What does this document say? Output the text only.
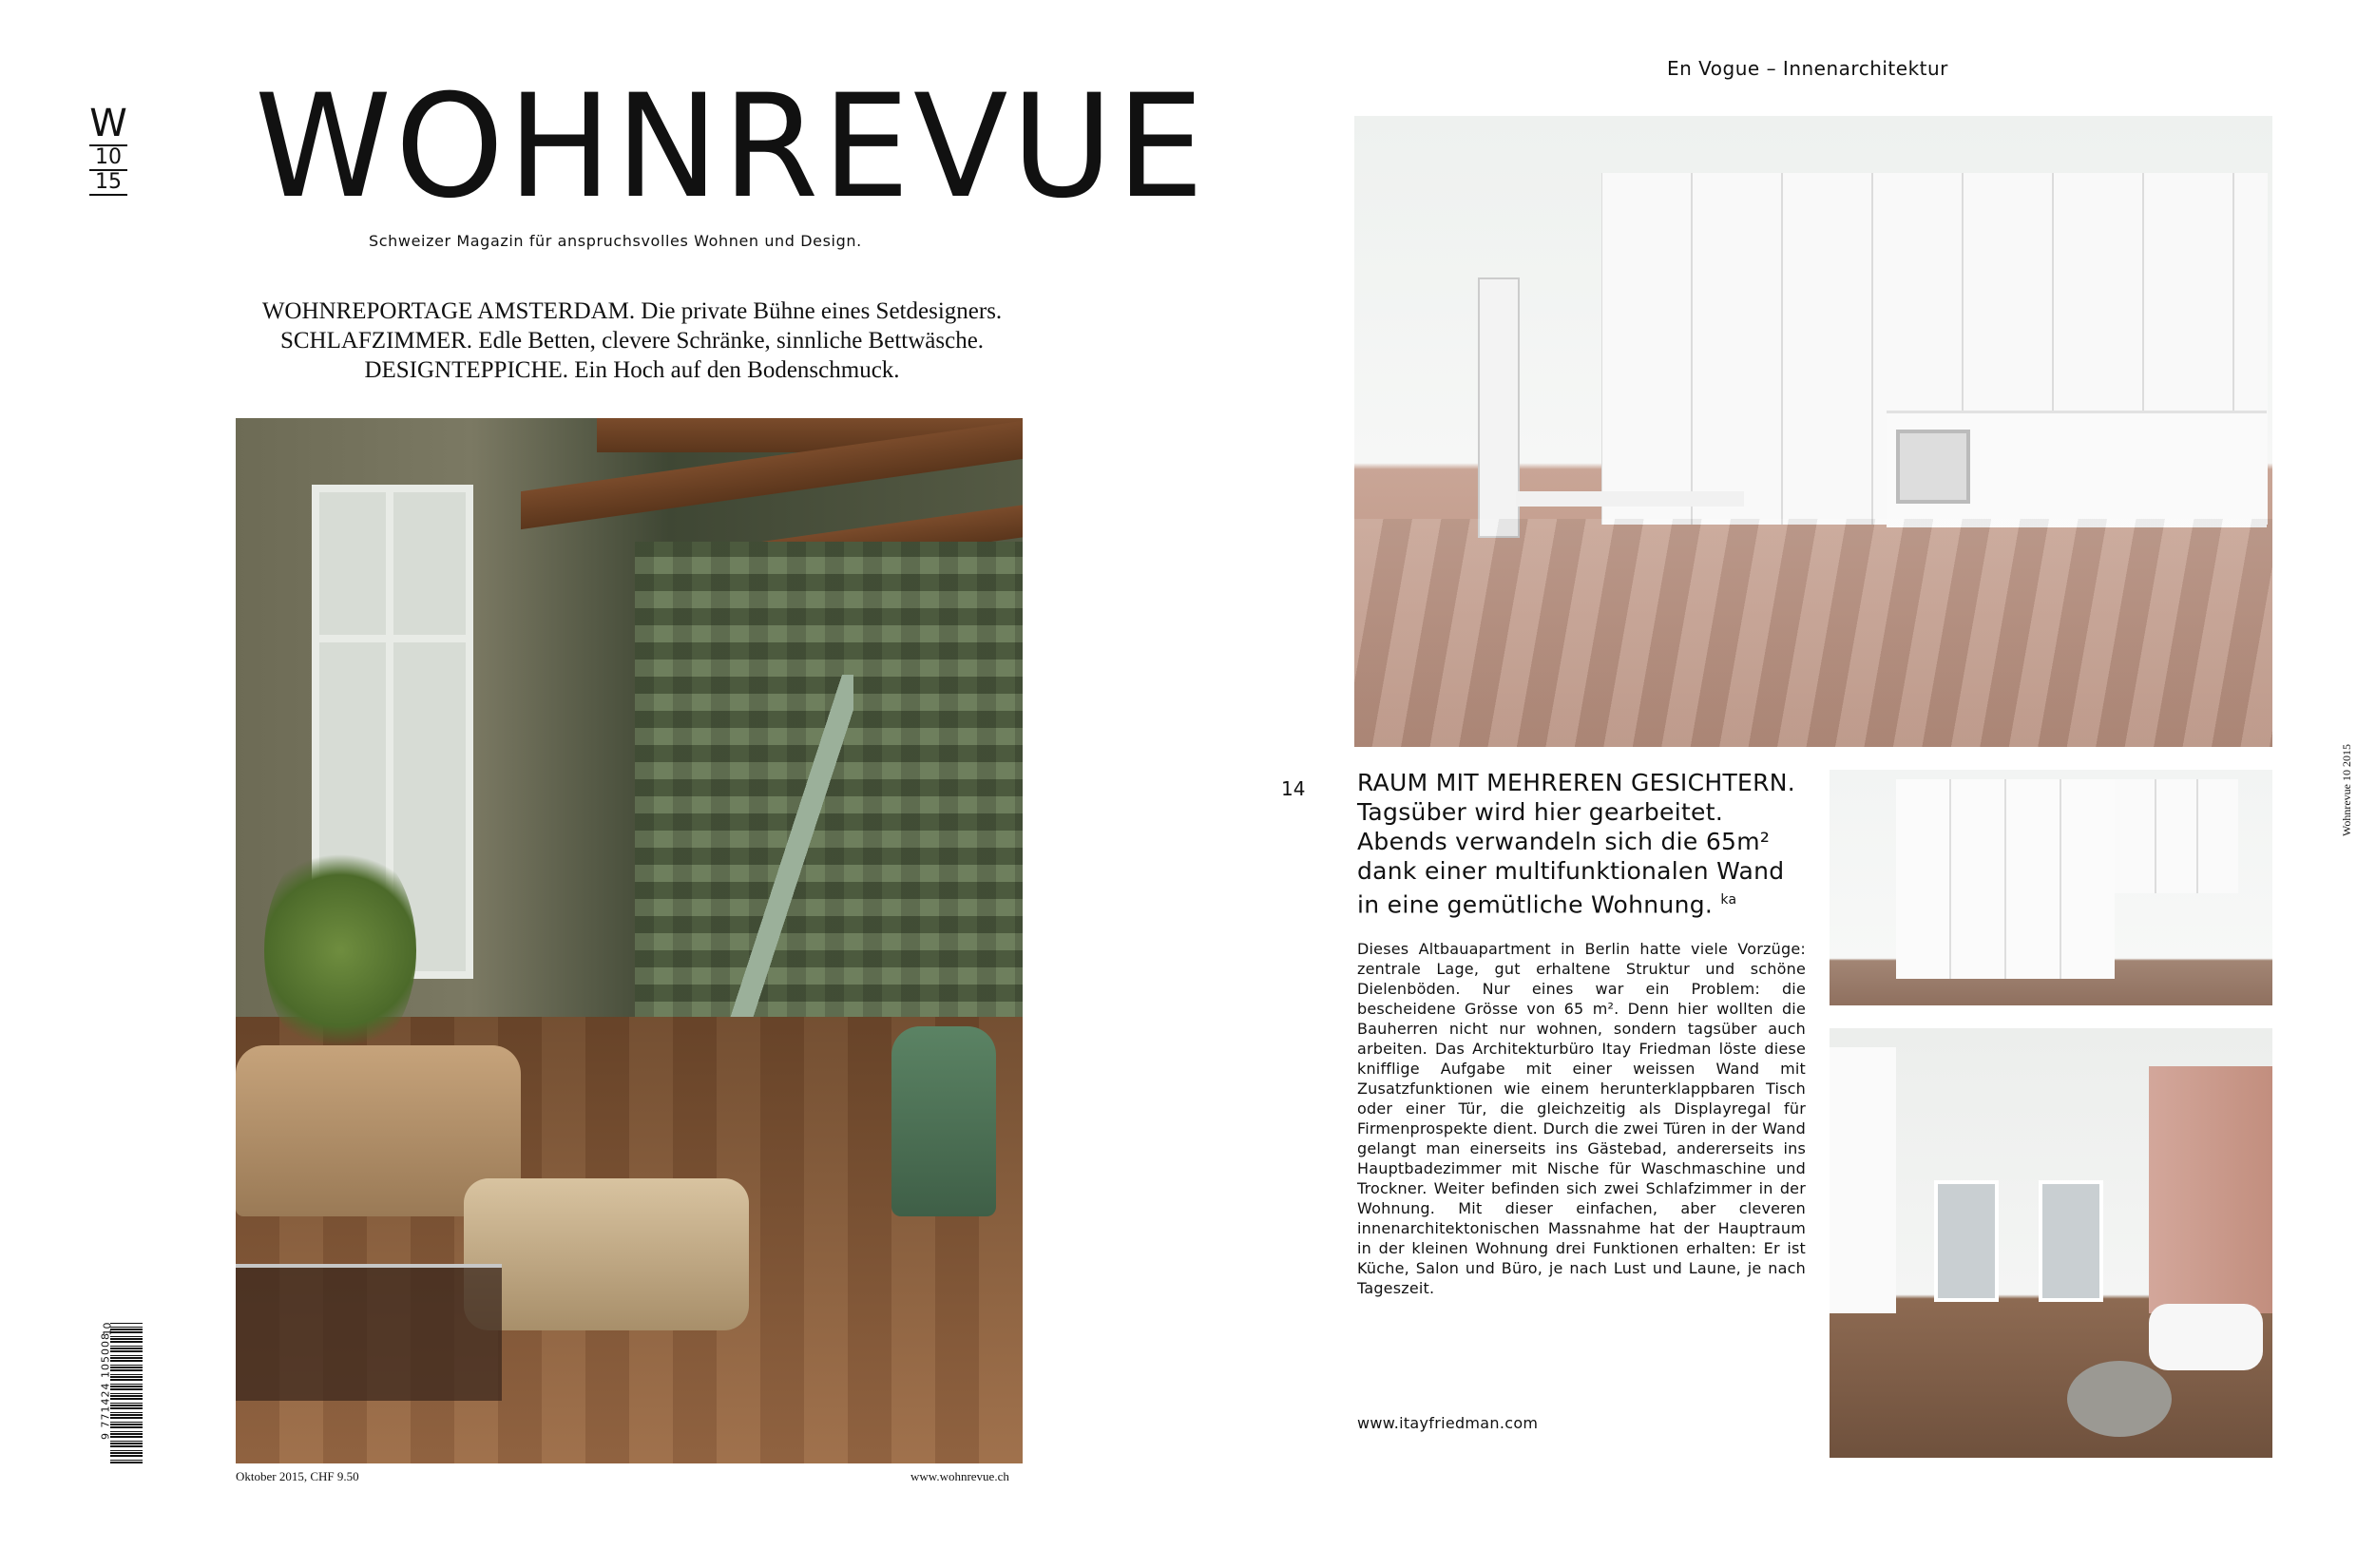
W
10
15 WOHNREVUE
Schweizer Magazin für anspruchsvolles Wohnen und Design.
WOHNREPORTAGE AMSTERDAM. Die private Bühne eines Setdesigners.
SCHLAFZIMMER. Edle Betten, clevere Schränke, sinnliche Bettwäsche.
DESIGNTEPPICHE. Ein Hoch auf den Bodenschmuck.
Oktober 2015, CHF 9.50	www.wohnrevue.ch
10
9 771424 105008
En Vogue – Innenarchitektur
14 RAUM MIT MEHREREN GESICHTERN.
Tagsüber wird hier gearbeitet. Abends verwandeln sich die 65m² dank einer multifunktionalen Wand in eine gemütliche Wohnung. $^{ka}$
Dieses Altbauapartment in Berlin hatte viele Vorzüge: zentrale Lage, gut erhaltene Struktur und schöne Dielenböden. Nur eines war ein Problem: die bescheidene Grösse von 65 m². Denn hier wollten die Bauherren nicht nur wohnen, sondern tagsüber auch arbeiten. Das Architekturbüro Itay Friedman löste diese knifflige Aufgabe mit einer weissen Wand mit Zusatzfunktionen wie einem herunterklappbaren Tisch oder einer Tür, die gleichzeitig als Displayregal für Firmenprospekte dient. Durch die zwei Türen in der Wand gelangt man einerseits ins Gästebad, andererseits ins Hauptbadezimmer mit Nische für Waschmaschine und Trockner. Weiter befinden sich zwei Schlafzimmer in der Wohnung. Mit dieser einfachen, aber cleveren innenarchitektonischen Massnahme hat der Hauptraum in der kleinen Wohnung drei Funktionen erhalten: Er ist Küche, Salon und Büro, je nach Lust und Laune, je nach Tageszeit.
www.itayfriedman.com
Wohnrevue 10 2015
